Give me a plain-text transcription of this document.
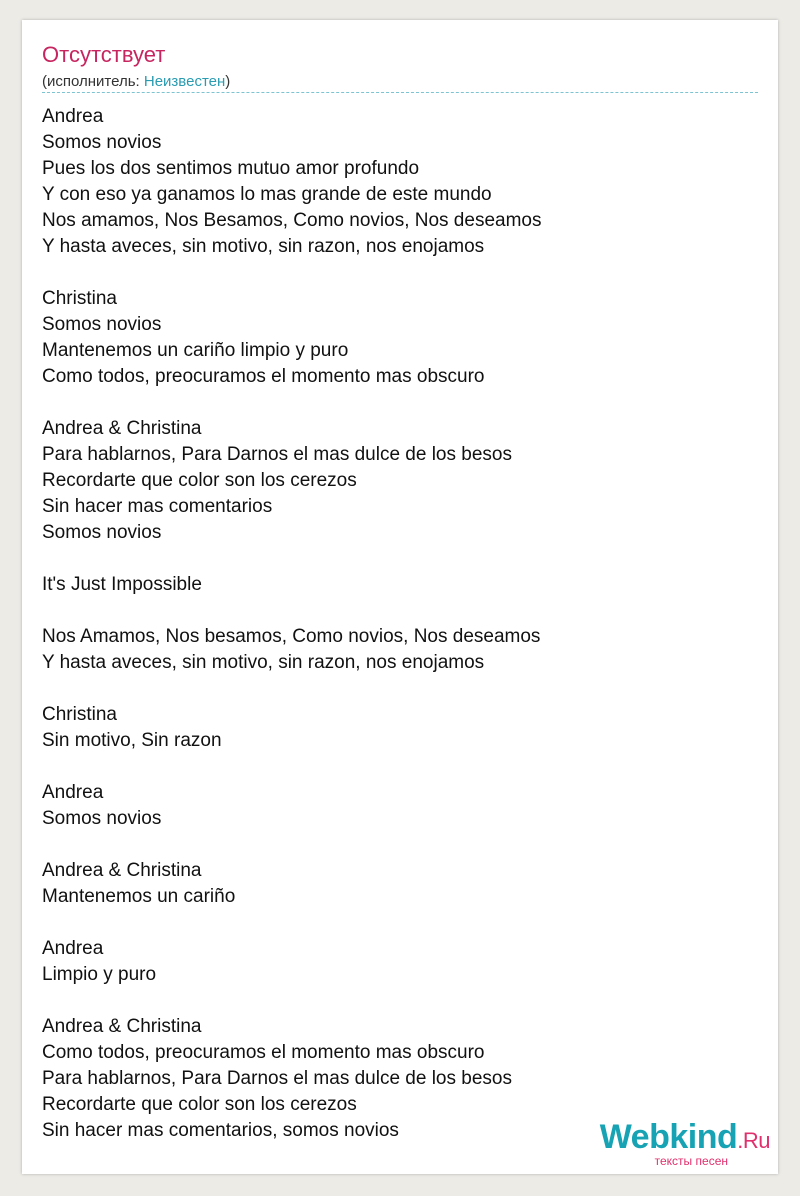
Отсутствует
(исполнитель: Неизвестен)
Andrea
Somos novios
Pues los dos sentimos mutuo amor profundo
Y con eso ya ganamos lo mas grande de este mundo
Nos amamos, Nos Besamos, Como novios, Nos deseamos
Y hasta aveces, sin motivo, sin razon, nos enojamos
Christina
Somos novios
Mantenemos un cariño limpio y puro
Como todos, preocuramos el momento mas obscuro
Andrea & Christina
Para hablarnos, Para Darnos el mas dulce de los besos
Recordarte que color son los cerezos
Sin hacer mas comentarios
Somos novios
It's Just Impossible
Nos Amamos, Nos besamos, Como novios, Nos deseamos
Y hasta aveces, sin motivo, sin razon, nos enojamos
Christina
Sin motivo, Sin razon
Andrea
Somos novios
Andrea & Christina
Mantenemos un cariño
Andrea
Limpio y puro
Andrea & Christina
Como todos, preocuramos el momento mas obscuro
Para hablarnos, Para Darnos el mas dulce de los besos
Recordarte que color son los cerezos
Sin hacer mas comentarios, somos novios	Webkind.Ru
тексты песен
